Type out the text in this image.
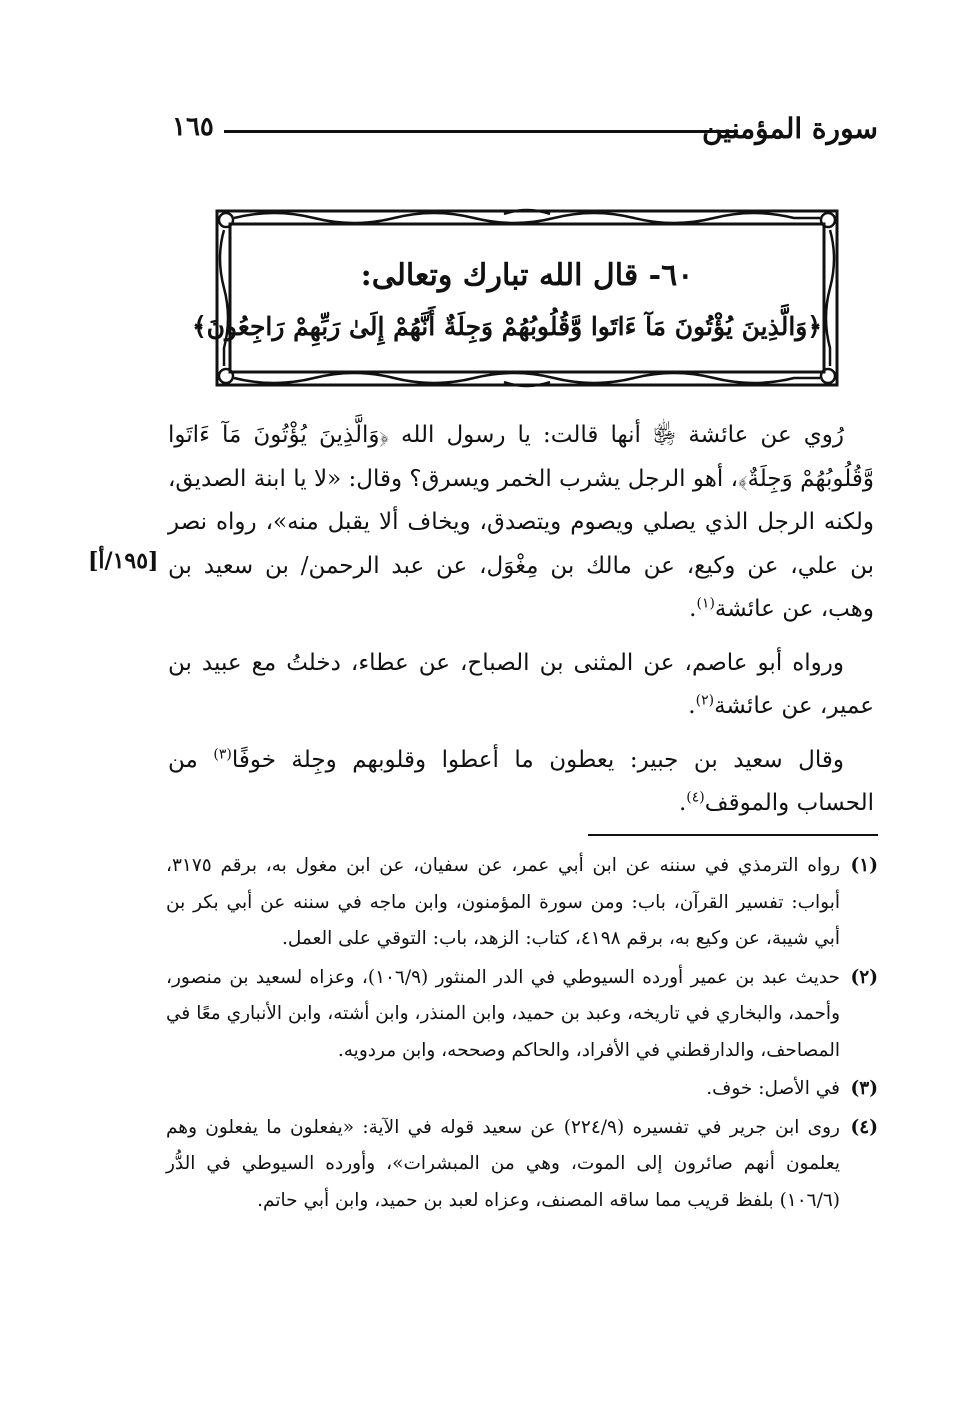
سورة المؤمنين
١٦٥
٦٠- قال الله تبارك وتعالى:
﴿وَالَّذِينَ يُؤْتُونَ مَآ ءَاتَوا وَّقُلُوبُهُمْ وَجِلَةٌ أَنَّهُمْ إِلَىٰ رَبِّهِمْ رَاجِعُونَ﴾
[١٩٥/أ]

رُوي عن عائشة ﵂ أنها قالت: يا رسول الله ﴿وَالَّذِينَ يُؤْتُونَ مَآ ءَاتَوا وَّقُلُوبُهُمْ وَجِلَةٌ﴾، أهو الرجل يشرب الخمر ويسرق؟ وقال: «لا يا ابنة الصديق، ولكنه الرجل الذي يصلي ويصوم ويتصدق، ويخاف ألا يقبل منه»، رواه نصر بن علي، عن وكيع، عن مالك بن مِغْوَل، عن عبد الرحمن/ بن سعيد بن وهب، عن عائشة$^{(١)}$.

ورواه أبو عاصم، عن المثنى بن الصباح، عن عطاء، دخلتُ مع عبيد بن عمير، عن عائشة$^{(٢)}$.

وقال سعيد بن جبير: يعطون ما أعطوا وقلوبهم وجِلة خوفًا$^{(٣)}$ من الحساب والموقف$^{(٤)}$.

(١)
رواه الترمذي في سننه عن ابن أبي عمر، عن سفيان، عن ابن مغول به، برقم ٣١٧٥، أبواب: تفسير القرآن، باب: ومن سورة المؤمنون، وابن ماجه في سننه عن أبي بكر بن أبي شيبة، عن وكيع به، برقم ٤١٩٨، كتاب: الزهد، باب: التوقي على العمل.
(٢)
حديث عبد بن عمير أورده السيوطي في الدر المنثور (١٠٦/٩)، وعزاه لسعيد بن منصور، وأحمد، والبخاري في تاريخه، وعبد بن حميد، وابن المنذر، وابن أشته، وابن الأنباري معًا في المصاحف، والدارقطني في الأفراد، والحاكم وصححه، وابن مردويه.
(٣)
في الأصل: خوف.
(٤)
روى ابن جرير في تفسيره (٢٢٤/٩) عن سعيد قوله في الآية: «يفعلون ما يفعلون وهم يعلمون أنهم صائرون إلى الموت، وهي من المبشرات»، وأورده السيوطي في الدُّر (١٠٦/٦) بلفظ قريب مما ساقه المصنف، وعزاه لعبد بن حميد، وابن أبي حاتم.
